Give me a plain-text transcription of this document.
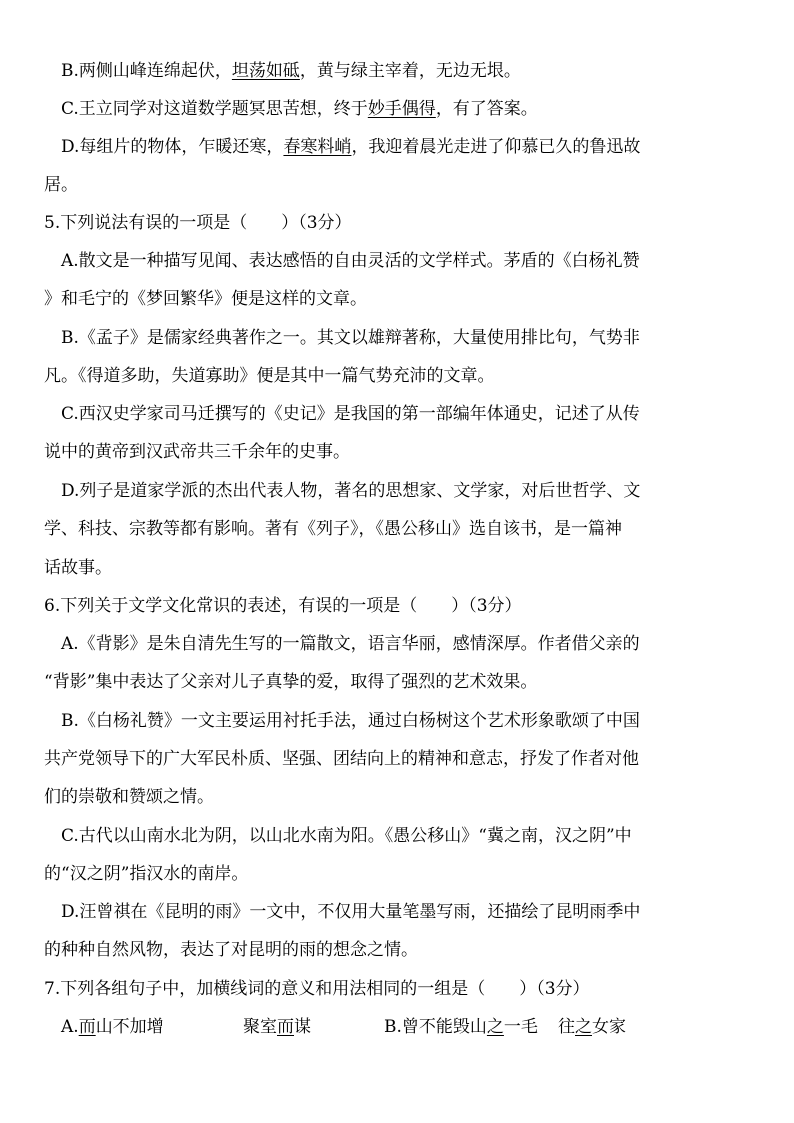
B.两侧山峰连绵起伏，坦荡如砥，黄与绿主宰着，无边无垠。
C.王立同学对这道数学题冥思苦想，终于妙手偶得，有了答案。
D.每组片的物体，乍暖还寒，春寒料峭，我迎着晨光走进了仰慕已久的鲁迅故
居。
5.下列说法有误的一项是（　　）（3分）
A.散文是一种描写见闻、表达感悟的自由灵活的文学样式。茅盾的《白杨礼赞
》和毛宁的《梦回繁华》便是这样的文章。
B.《孟子》是儒家经典著作之一。其文以雄辩著称，大量使用排比句，气势非
凡。《得道多助，失道寡助》便是其中一篇气势充沛的文章。
C.西汉史学家司马迁撰写的《史记》是我国的第一部编年体通史，记述了从传
说中的黄帝到汉武帝共三千余年的史事。
D.列子是道家学派的杰出代表人物，著名的思想家、文学家，对后世哲学、文
学、科技、宗教等都有影响。著有《列子》，《愚公移山》选自该书，是一篇神
话故事。
6.下列关于文学文化常识的表述，有误的一项是（　　）（3分）
A.《背影》是朱自清先生写的一篇散文，语言华丽，感情深厚。作者借父亲的
“背影”集中表达了父亲对儿子真挚的爱，取得了强烈的艺术效果。
B.《白杨礼赞》一文主要运用衬托手法，通过白杨树这个艺术形象歌颂了中国
共产党领导下的广大军民朴质、坚强、团结向上的精神和意志，抒发了作者对他
们的崇敬和赞颂之情。
C.古代以山南水北为阴，以山北水南为阳。《愚公移山》“冀之南，汉之阴”中
的“汉之阴”指汉水的南岸。
D.汪曾祺在《昆明的雨》一文中，不仅用大量笔墨写雨，还描绘了昆明雨季中
的种种自然风物，表达了对昆明的雨的想念之情。
7.下列各组句子中，加横线词的意义和用法相同的一组是（　　）（3分）
A.而山不加增	聚室而谋	B.曾不能毁山之一毛 往之女家
